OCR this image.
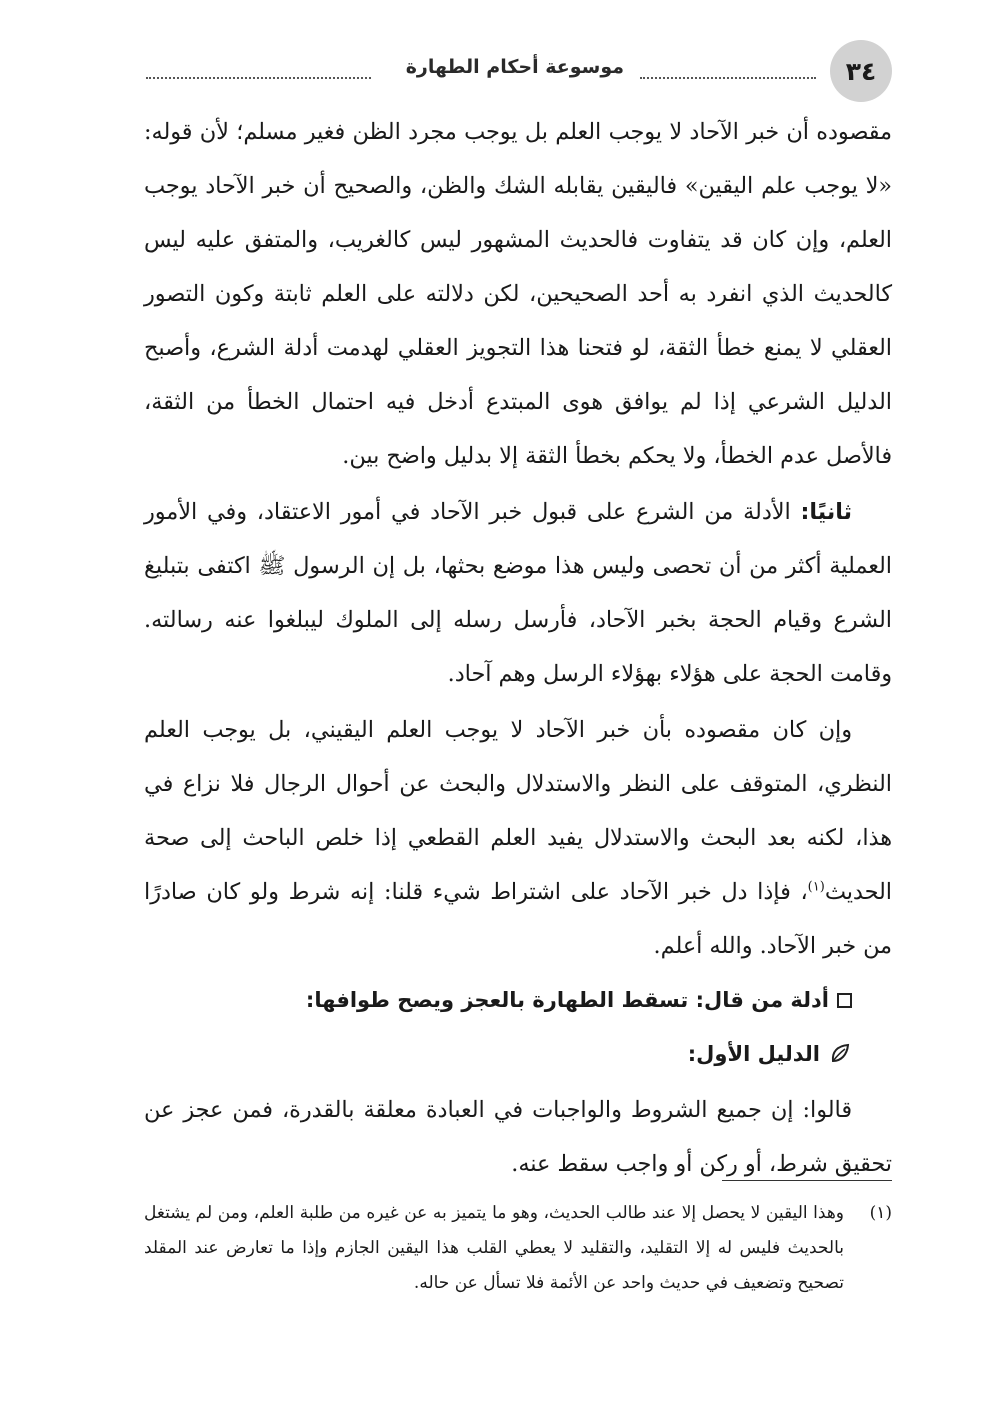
٣٤
موسوعة أحكام الطهارة

مقصوده أن خبر الآحاد لا يوجب العلم بل يوجب مجرد الظن فغير مسلم؛ لأن قوله: «لا يوجب علم اليقين» فاليقين يقابله الشك والظن، والصحيح أن خبر الآحاد يوجب العلم، وإن كان قد يتفاوت فالحديث المشهور ليس كالغريب، والمتفق عليه ليس كالحديث الذي انفرد به أحد الصحيحين، لكن دلالته على العلم ثابتة وكون التصور العقلي لا يمنع خطأ الثقة، لو فتحنا هذا التجويز العقلي لهدمت أدلة الشرع، وأصبح الدليل الشرعي إذا لم يوافق هوى المبتدع أدخل فيه احتمال الخطأ من الثقة، فالأصل عدم الخطأ، ولا يحكم بخطأ الثقة إلا بدليل واضح بين.

ثانيًا: الأدلة من الشرع على قبول خبر الآحاد في أمور الاعتقاد، وفي الأمور العملية أكثر من أن تحصى وليس هذا موضع بحثها، بل إن الرسول ﷺ اكتفى بتبليغ الشرع وقيام الحجة بخبر الآحاد، فأرسل رسله إلى الملوك ليبلغوا عنه رسالته. وقامت الحجة على هؤلاء بهؤلاء الرسل وهم آحاد.

وإن كان مقصوده بأن خبر الآحاد لا يوجب العلم اليقيني، بل يوجب العلم النظري، المتوقف على النظر والاستدلال والبحث عن أحوال الرجال فلا نزاع في هذا، لكنه بعد البحث والاستدلال يفيد العلم القطعي إذا خلص الباحث إلى صحة الحديث$^{(١)}$، فإذا دل خبر الآحاد على اشتراط شيء قلنا: إنه شرط ولو كان صادرًا من خبر الآحاد. والله أعلم.

أدلة من قال: تسقط الطهارة بالعجز ويصح طوافها:
الدليل الأول:

قالوا: إن جميع الشروط والواجبات في العبادة معلقة بالقدرة، فمن عجز عن تحقيق شرط، أو ركن أو واجب سقط عنه.

(١)
وهذا اليقين لا يحصل إلا عند طالب الحديث، وهو ما يتميز به عن غيره من طلبة العلم، ومن لم يشتغل بالحديث فليس له إلا التقليد، والتقليد لا يعطي القلب هذا اليقين الجازم وإذا ما تعارض عند المقلد تصحيح وتضعيف في حديث واحد عن الأئمة فلا تسأل عن حاله.
